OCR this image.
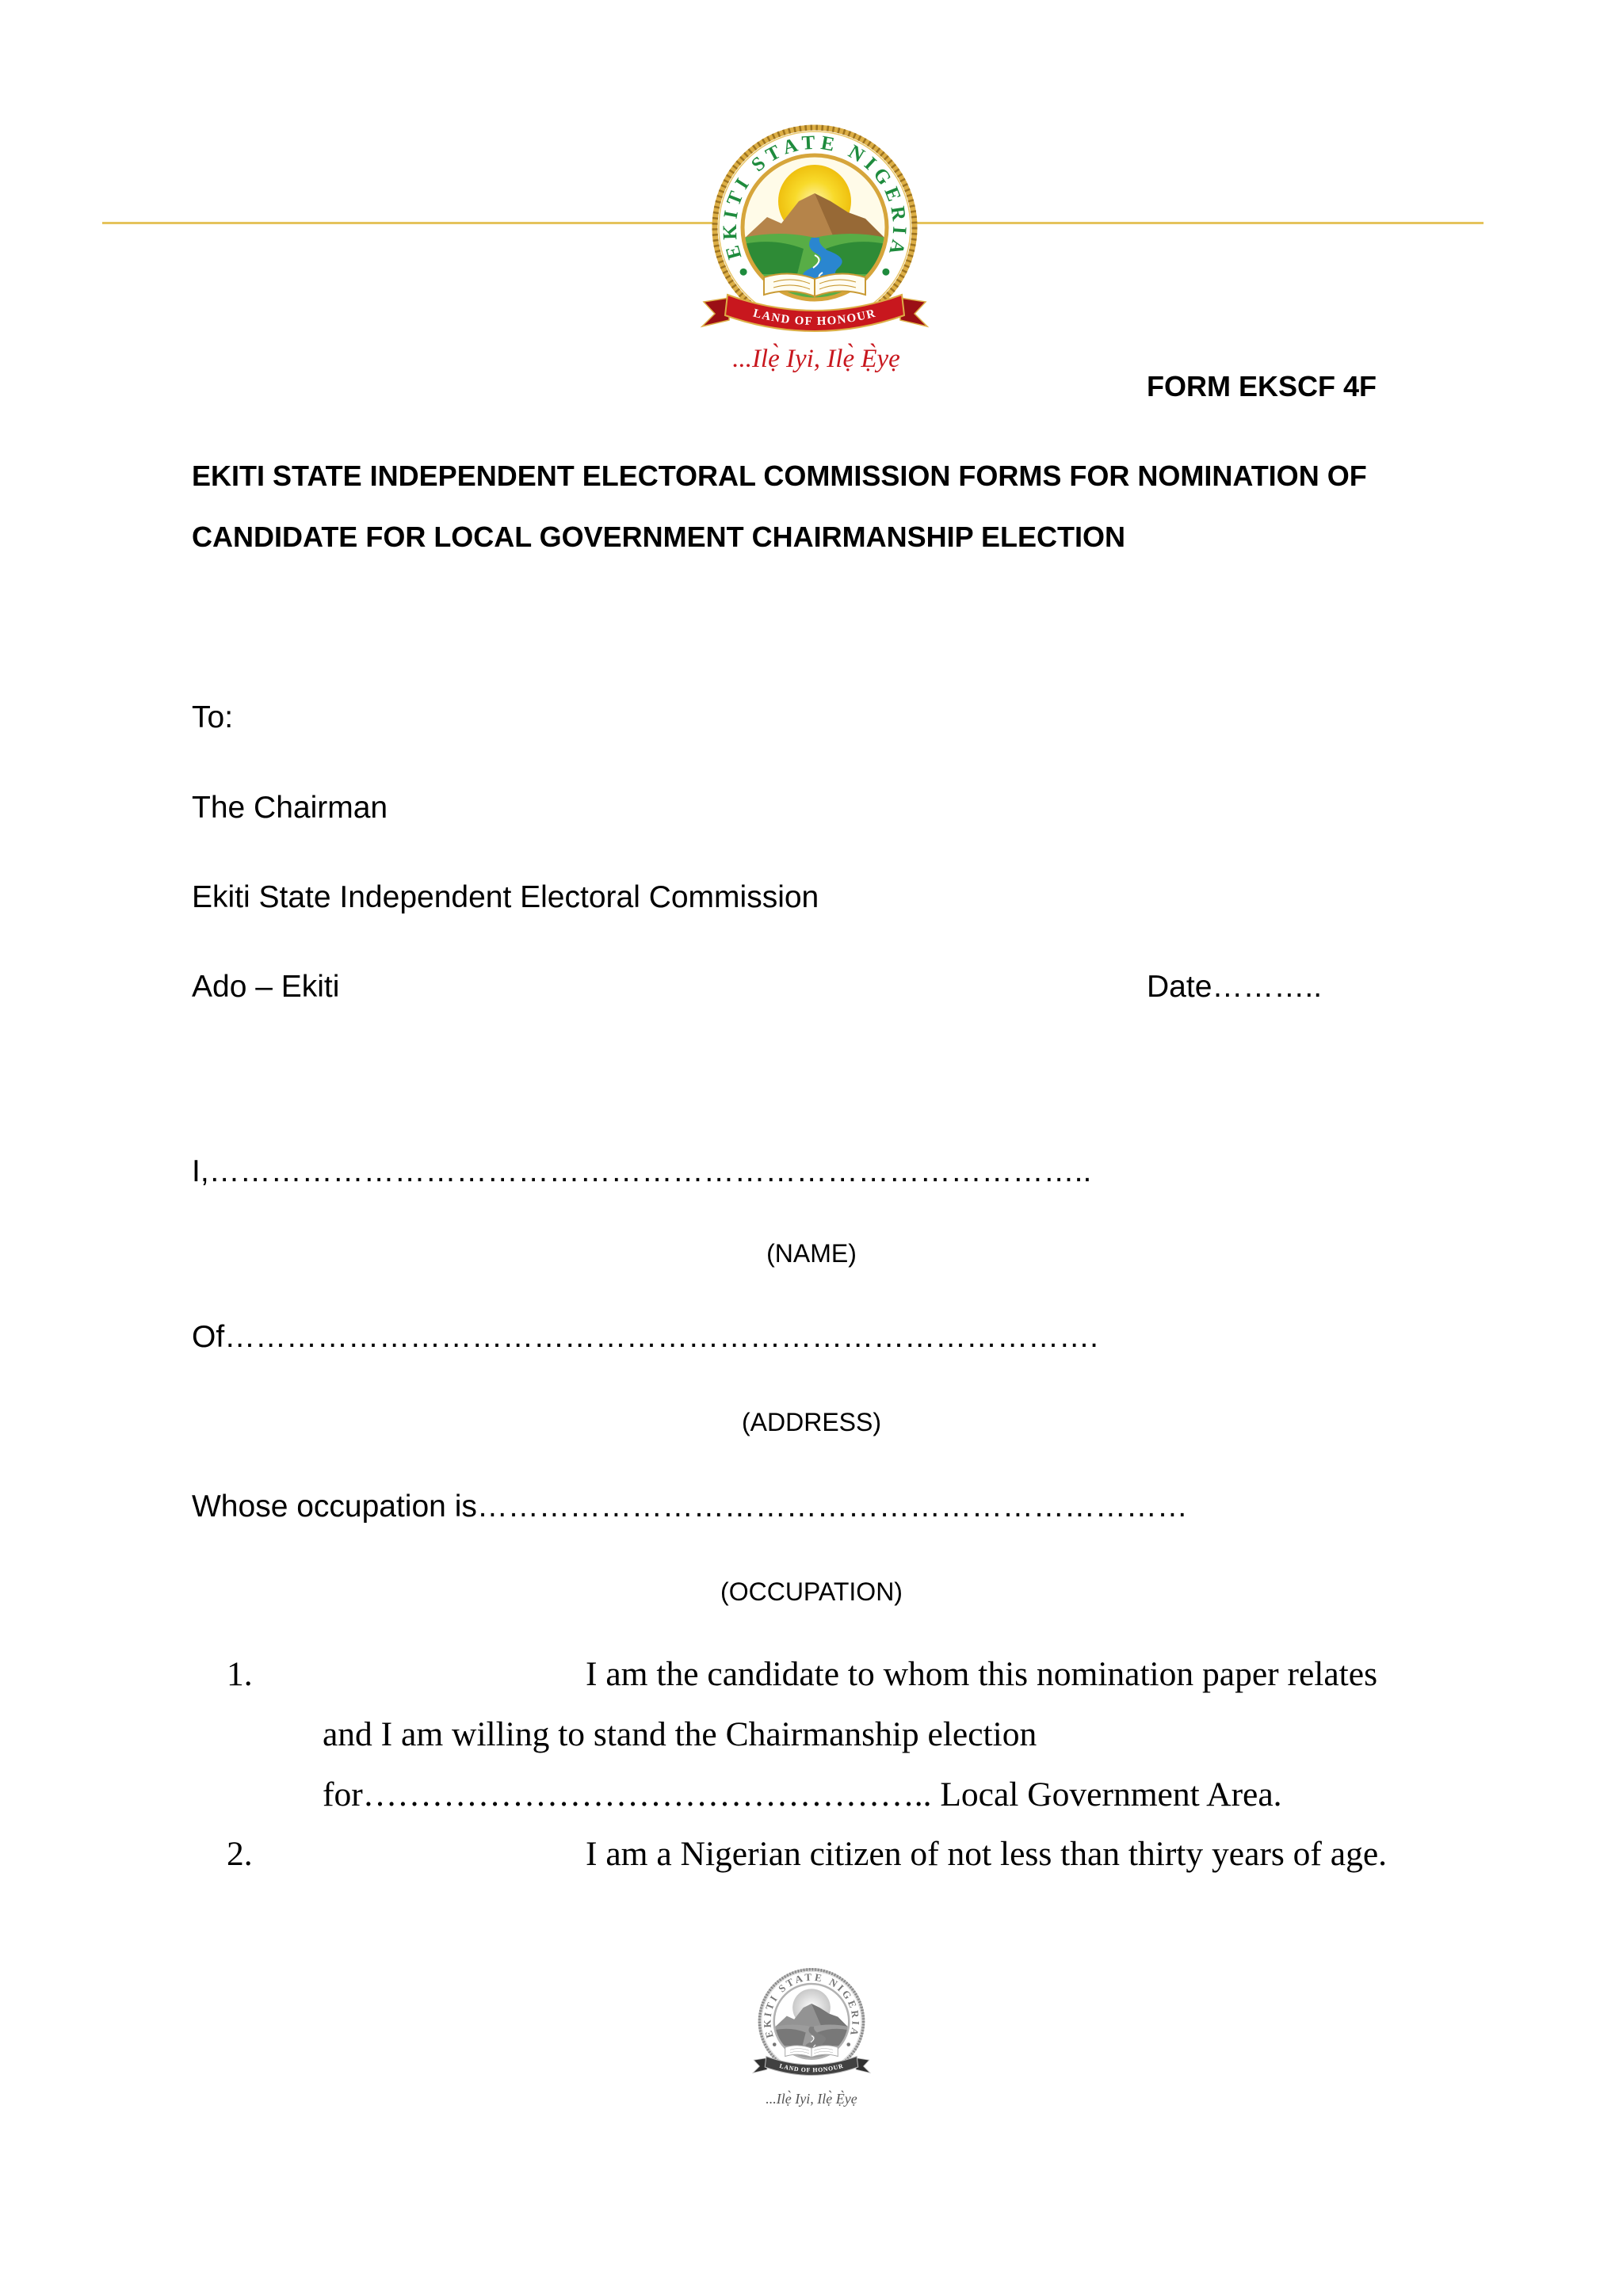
...Ilẹ̀ Iyi, Ilẹ̀ Ẹ̀yẹ
FORM EKSCF 4F
EKITI STATE INDEPENDENT ELECTORAL COMMISSION FORMS FOR NOMINATION OF
CANDIDATE FOR LOCAL GOVERNMENT CHAIRMANSHIP ELECTION
To:
The Chairman
Ekiti State Independent Electoral Commission
Ado – Ekiti	Date………..
I,…………………………………………………………………………..
(NAME)
Of………………………………………………………………………….
(ADDRESS)
Whose occupation is……………………………………………………………
(OCCUPATION)
1.	I am the candidate to whom this nomination paper relates
and I am willing to stand the Chairmanship election
for………………………………………….. Local Government Area.
2.	I am a Nigerian citizen of not less than thirty years of age.
...Ilẹ̀ Iyi, Ilẹ̀ Ẹ̀yẹ
